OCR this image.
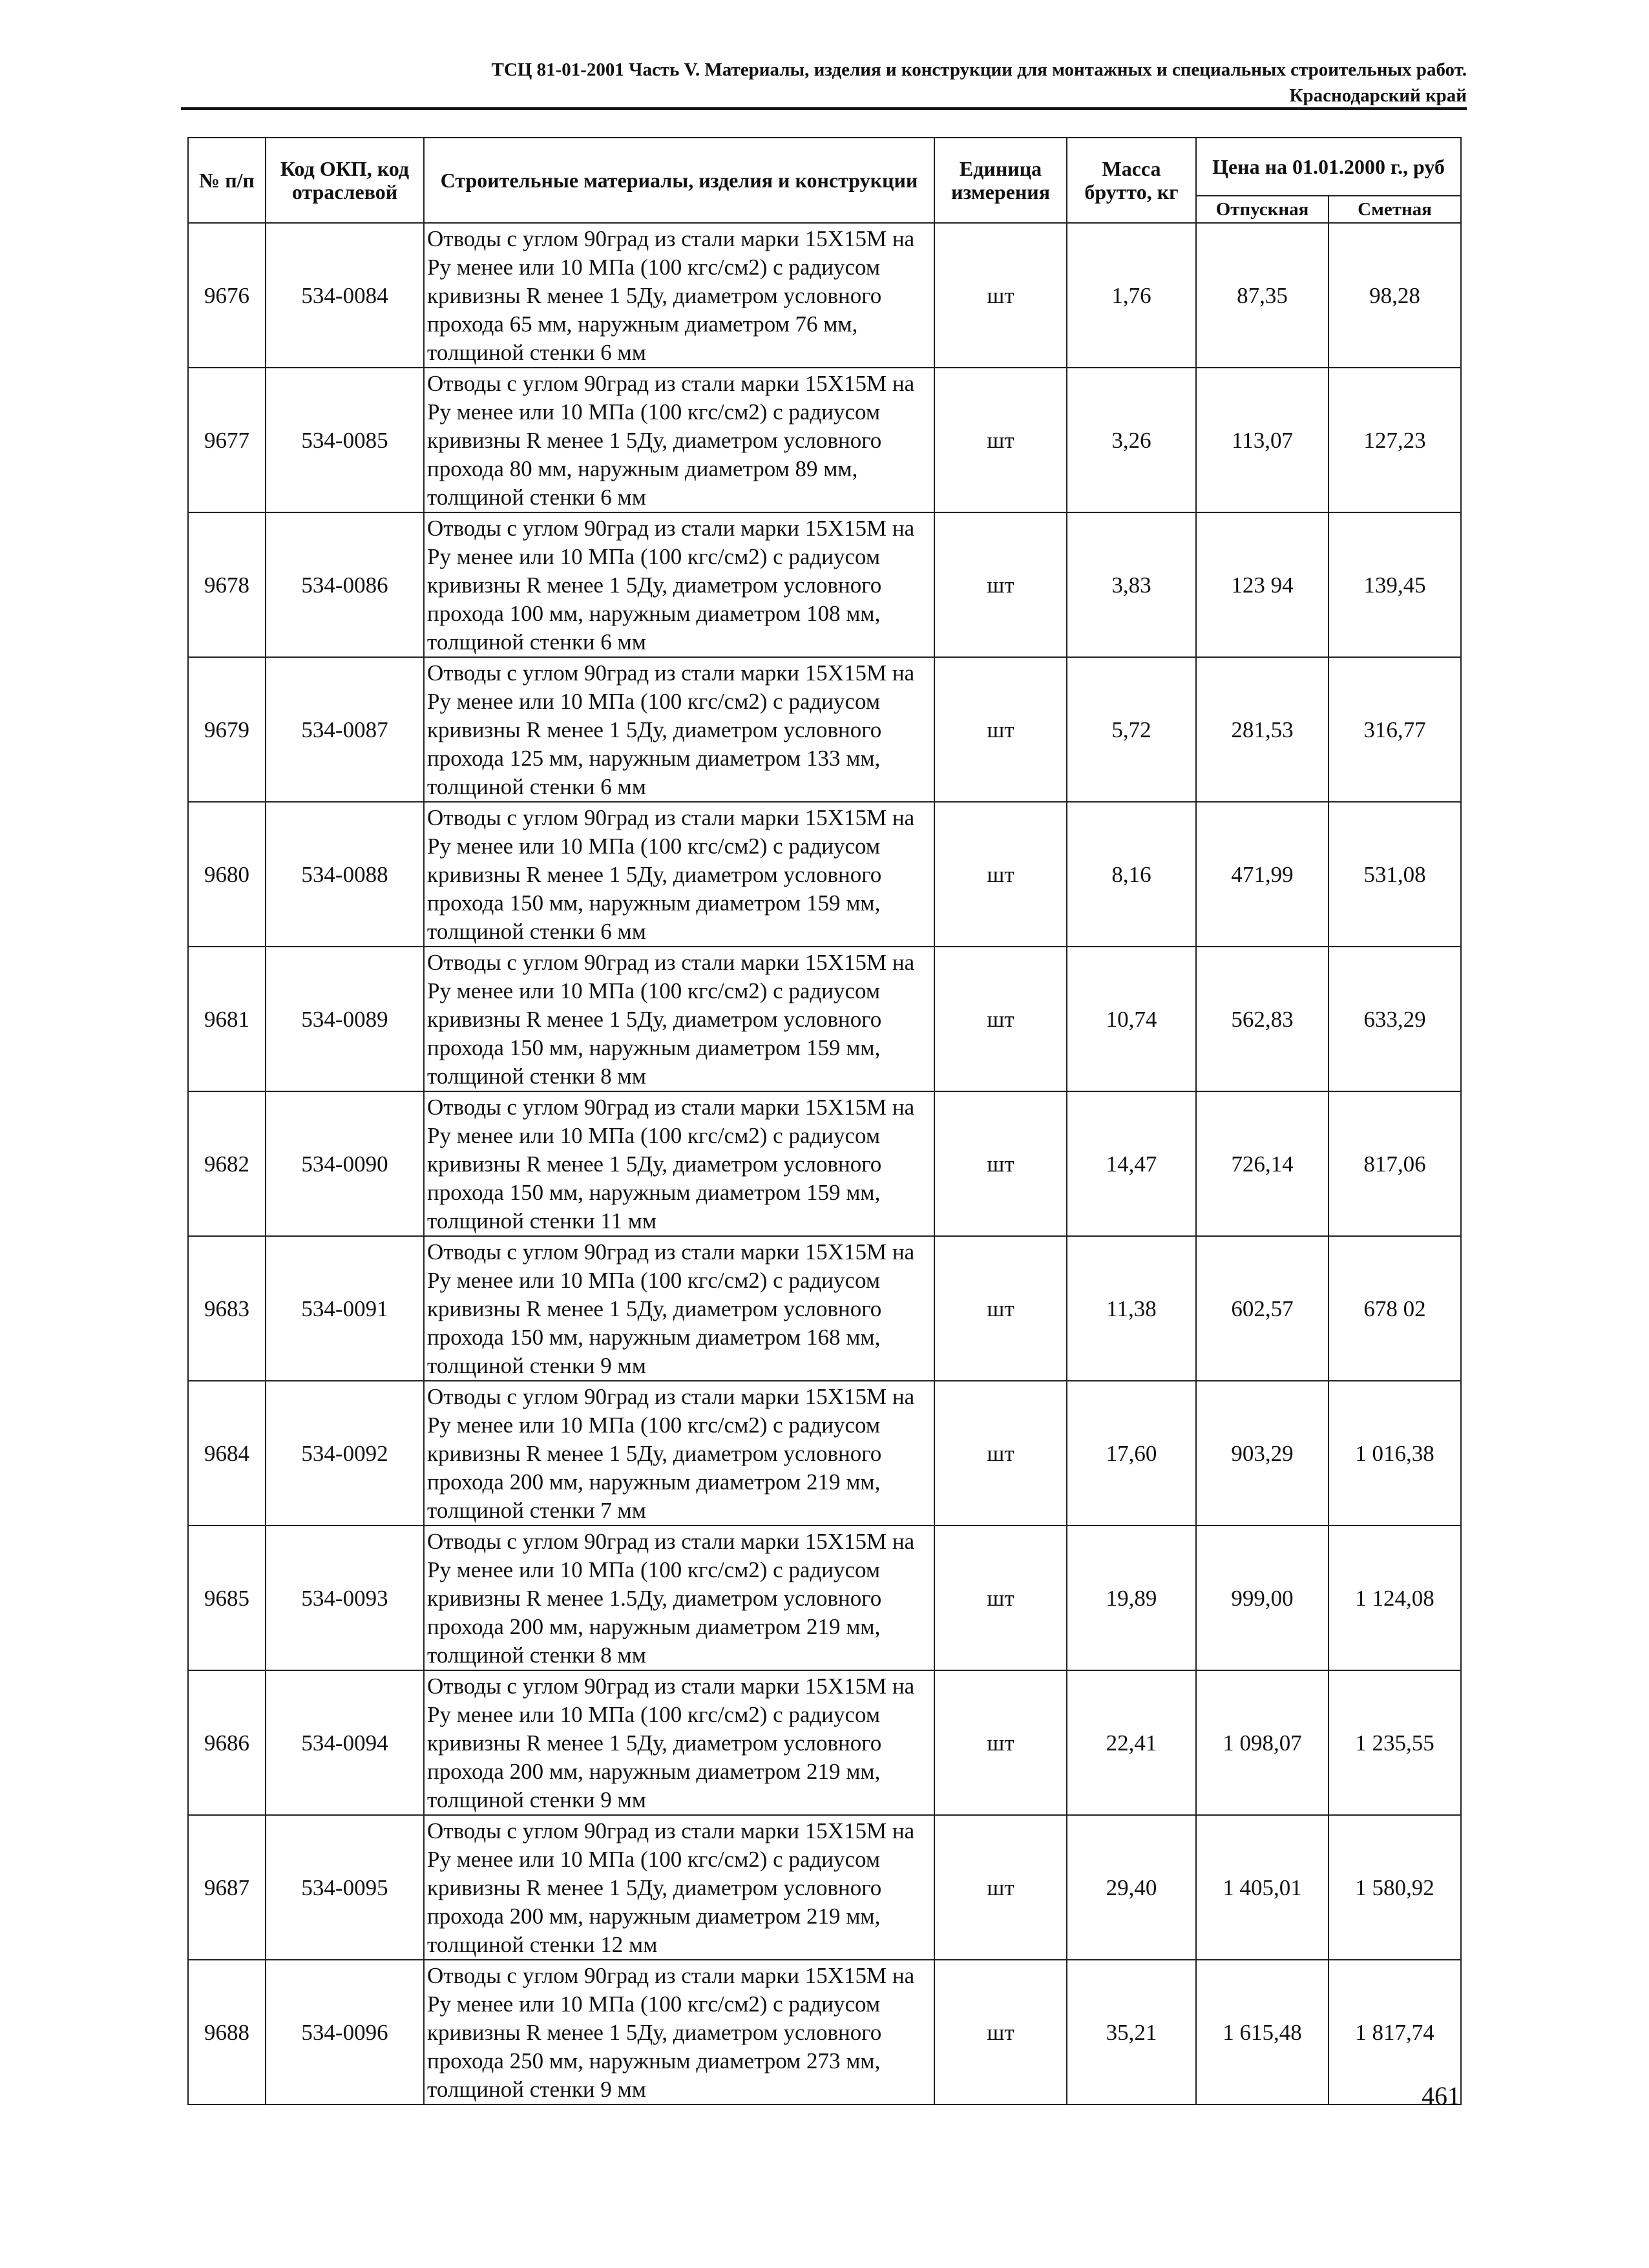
ТСЦ 81-01-2001 Часть V. Материалы, изделия и конструкции для монтажных и специальных строительных работ.
Краснодарский край
№ п/п	Код ОКП, код отраслевой	Строительные материалы, изделия и конструкции	Единица измерения	Масса брутто, кг	Цена на 01.01.2000 г., руб	
					Отпускная	Сметная
9676	534-0084	Отводы с углом 90град из стали марки 15Х15М на Ру менее или 10 МПа (100 кгс/см2) с радиусом кривизны R менее 1 5Ду, диаметром условного прохода 65 мм, наружным диаметром 76 мм, толщиной стенки 6 мм	шт	1,76	87,35	98,28
9677	534-0085	Отводы с углом 90град из стали марки 15Х15М на Ру менее или 10 МПа (100 кгс/см2) с радиусом кривизны R менее 1 5Ду, диаметром условного прохода 80 мм, наружным диаметром 89 мм, толщиной стенки 6 мм	шт	3,26	113,07	127,23
9678	534-0086	Отводы с углом 90град из стали марки 15Х15М на Ру менее или 10 МПа (100 кгс/см2) с радиусом кривизны R менее 1 5Ду, диаметром условного прохода 100 мм, наружным диаметром 108 мм, толщиной стенки 6 мм	шт	3,83	123 94	139,45
9679	534-0087	Отводы с углом 90град из стали марки 15Х15М на Ру менее или 10 МПа (100 кгс/см2) с радиусом кривизны R менее 1 5Ду, диаметром условного прохода 125 мм, наружным диаметром 133 мм, толщиной стенки 6 мм	шт	5,72	281,53	316,77
9680	534-0088	Отводы с углом 90град из стали марки 15Х15М на Ру менее или 10 МПа (100 кгс/см2) с радиусом кривизны R менее 1 5Ду, диаметром условного прохода 150 мм, наружным диаметром 159 мм, толщиной стенки 6 мм	шт	8,16	471,99	531,08
9681	534-0089	Отводы с углом 90град из стали марки 15Х15М на Ру менее или 10 МПа (100 кгс/см2) с радиусом кривизны R менее 1 5Ду, диаметром условного прохода 150 мм, наружным диаметром 159 мм, толщиной стенки 8 мм	шт	10,74	562,83	633,29
9682	534-0090	Отводы с углом 90град из стали марки 15Х15М на Ру менее или 10 МПа (100 кгс/см2) с радиусом кривизны R менее 1 5Ду, диаметром условного прохода 150 мм, наружным диаметром 159 мм, толщиной стенки 11 мм	шт	14,47	726,14	817,06
9683	534-0091	Отводы с углом 90град из стали марки 15Х15М на Ру менее или 10 МПа (100 кгс/см2) с радиусом кривизны R менее 1 5Ду, диаметром условного прохода 150 мм, наружным диаметром 168 мм, толщиной стенки 9 мм	шт	11,38	602,57	678 02
9684	534-0092	Отводы с углом 90град из стали марки 15Х15М на Ру менее или 10 МПа (100 кгс/см2) с радиусом кривизны R менее 1 5Ду, диаметром условного прохода 200 мм, наружным диаметром 219 мм, толщиной стенки 7 мм	шт	17,60	903,29	1 016,38
9685	534-0093	Отводы с углом 90град из стали марки 15Х15М на Ру менее или 10 МПа (100 кгс/см2) с радиусом кривизны R менее 1.5Ду, диаметром условного прохода 200 мм, наружным диаметром 219 мм, толщиной стенки 8 мм	шт	19,89	999,00	1 124,08
9686	534-0094	Отводы с углом 90град из стали марки 15Х15М на Ру менее или 10 МПа (100 кгс/см2) с радиусом кривизны R менее 1 5Ду, диаметром условного прохода 200 мм, наружным диаметром 219 мм, толщиной стенки 9 мм	шт	22,41	1 098,07	1 235,55
9687	534-0095	Отводы с углом 90град из стали марки 15Х15М на Ру менее или 10 МПа (100 кгс/см2) с радиусом кривизны R менее 1 5Ду, диаметром условного прохода 200 мм, наружным диаметром 219 мм, толщиной стенки 12 мм	шт	29,40	1 405,01	1 580,92
9688	534-0096	Отводы с углом 90град из стали марки 15Х15М на Ру менее или 10 МПа (100 кгс/см2) с радиусом кривизны R менее 1 5Ду, диаметром условного прохода 250 мм, наружным диаметром 273 мм, толщиной стенки 9 мм	шт	35,21	1 615,48	1 817,74
461
